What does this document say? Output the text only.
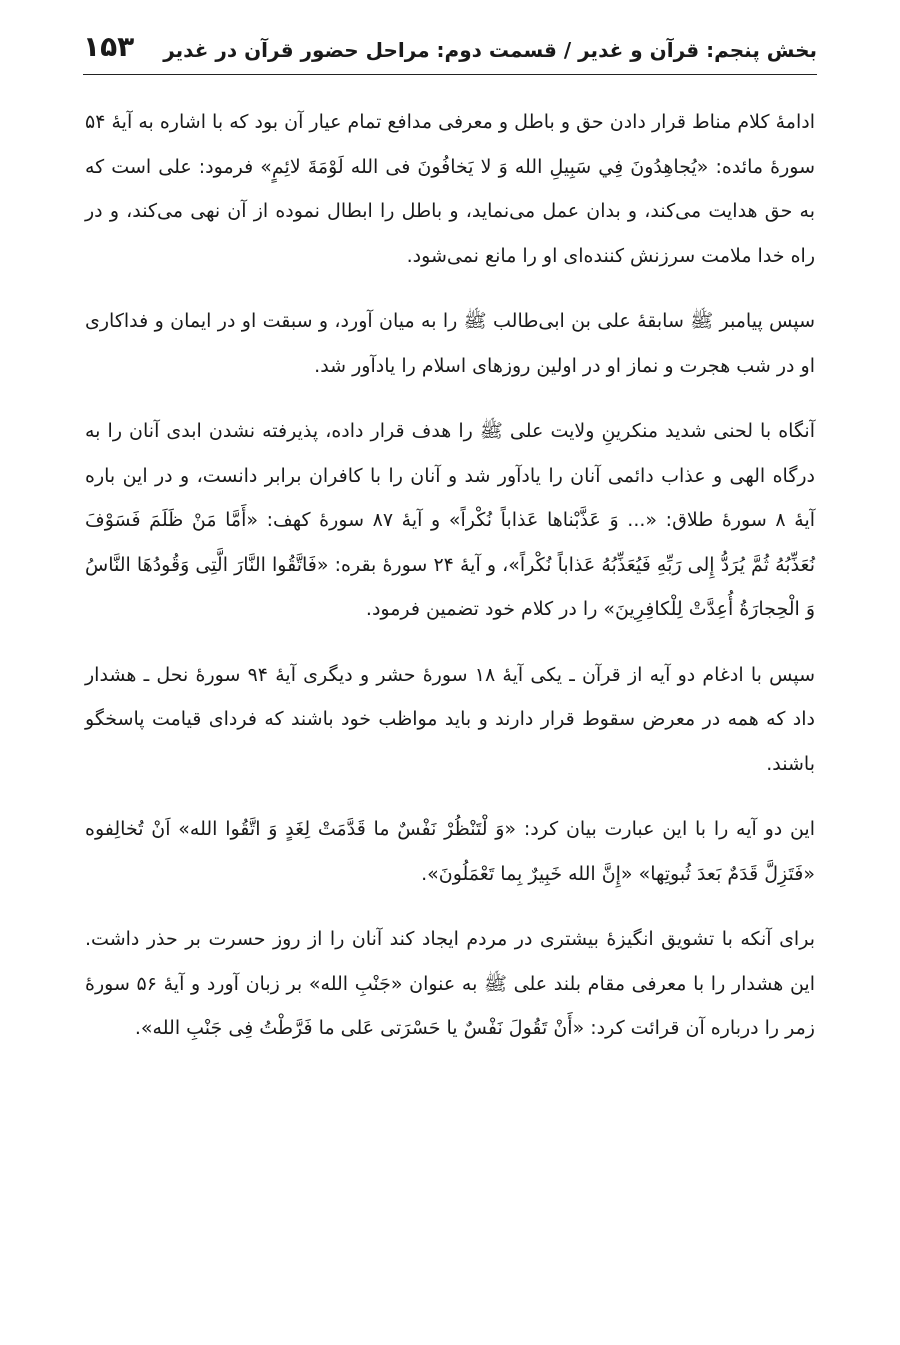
بخش پنجم: قرآن و غدیر / قسمت دوم: مراحل حضور قرآن در غدیر
۱۵۳

ادامهٔ کلام مناط قرار دادن حق و باطل و معرفی مدافع تمام عیار آن بود که با اشاره به آیهٔ ۵۴ سورهٔ مائده: «يُجاهِدُونَ فِي سَبِيلِ الله وَ لا يَخافُونَ فی الله لَوْمَةَ لائِمٍ» فرمود: علی است که به حق هدایت می‌کند، و بدان عمل می‌نماید، و باطل را ابطال نموده از آن نهی می‌کند، و در راه خدا ملامت سرزنش کننده‌ای او را مانع نمی‌شود.

سپس پیامبر ﷺ سابقهٔ علی بن ابی‌طالب ﷺ را به میان آورد، و سبقت او در ایمان و فداکاری او در شب هجرت و نماز او در اولین روزهای اسلام را یادآور شد.

آنگاه با لحنی شدید منکرینِ ولایت علی ﷺ را هدف قرار داده، پذیرفته نشدن ابدی آنان را به درگاه الهی و عذاب دائمی آنان را یادآور شد و آنان را با کافران برابر دانست، و در این باره آیهٔ ۸ سورهٔ طلاق: «... وَ عَذَّبْناها عَذاباً نُكْراً» و آیهٔ ۸۷ سورهٔ کهف: «أَمَّا مَنْ ظَلَمَ فَسَوْفَ نُعَذِّبُهُ ثُمَّ يُرَدُّ إِلى رَبِّهِ فَيُعَذِّبُهُ عَذاباً نُكْراً»، و آیهٔ ۲۴ سورهٔ بقره: «فَاتَّقُوا النَّارَ الَّتِی وَقُودُهَا النَّاسُ وَ الْحِجارَةُ أُعِدَّتْ لِلْكافِرِينَ» را در کلام خود تضمین فرمود.

سپس با ادغام دو آیه از قرآن ـ یکی آیهٔ ۱۸ سورهٔ حشر و دیگری آیهٔ ۹۴ سورهٔ نحل ـ هشدار داد که همه در معرض سقوط قرار دارند و باید مواظب خود باشند که فردای قیامت پاسخگو باشند.

این دو آیه را با این عبارت بیان کرد: «وَ لْتَنْظُرْ نَفْسٌ ما قَدَّمَتْ لِغَدٍ وَ اتَّقُوا الله» اَنْ تُخالِفوه «فَتَزِلَّ قَدَمٌ بَعدَ ثُبوتِها» «إِنَّ الله خَبِيرٌ بِما تَعْمَلُونَ».

برای آنکه با تشویق انگیزهٔ بیشتری در مردم ایجاد کند آنان را از روز حسرت بر حذر داشت. این هشدار را با معرفی مقام بلند علی ﷺ به عنوان «جَنْبِ الله» بر زبان آورد و آیهٔ ۵۶ سورهٔ زمر را درباره آن قرائت کرد: «أَنْ تَقُولَ نَفْسٌ يا حَسْرَتی عَلی ما فَرَّطْتُ فِی جَنْبِ الله».
